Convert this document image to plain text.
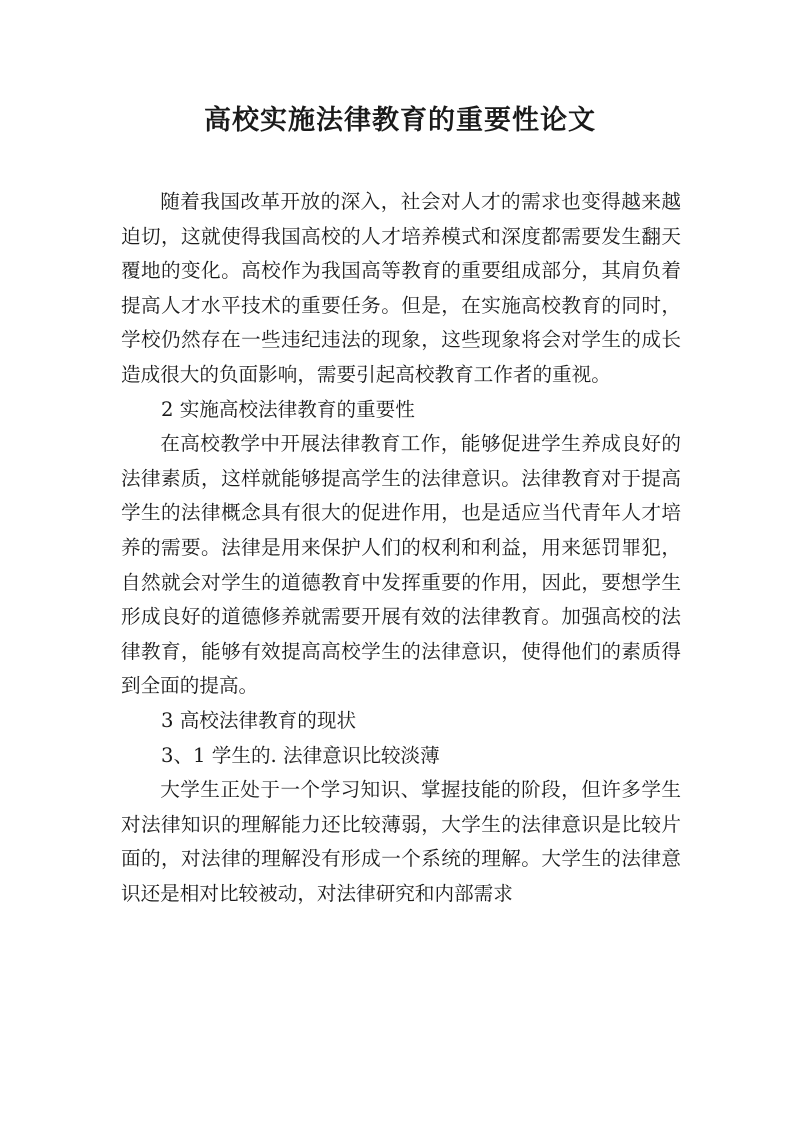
高校实施法律教育的重要性论文

随着我国改革开放的深入，社会对人才的需求也变得越来越迫切，这就使得我国高校的人才培养模式和深度都需要发生翻天覆地的变化。高校作为我国高等教育的重要组成部分，其肩负着提高人才水平技术的重要任务。但是，在实施高校教育的同时，学校仍然存在一些违纪违法的现象，这些现象将会对学生的成长造成很大的负面影响，需要引起高校教育工作者的重视。

2 实施高校法律教育的重要性

在高校教学中开展法律教育工作，能够促进学生养成良好的法律素质，这样就能够提高学生的法律意识。法律教育对于提高学生的法律概念具有很大的促进作用，也是适应当代青年人才培养的需要。法律是用来保护人们的权利和利益，用来惩罚罪犯，自然就会对学生的道德教育中发挥重要的作用，因此，要想学生形成良好的道德修养就需要开展有效的法律教育。加强高校的法律教育，能够有效提高高校学生的法律意识，使得他们的素质得到全面的提高。

3 高校法律教育的现状

3、1 学生的. 法律意识比较淡薄

大学生正处于一个学习知识、掌握技能的阶段，但许多学生对法律知识的理解能力还比较薄弱，大学生的法律意识是比较片面的，对法律的理解没有形成一个系统的理解。大学生的法律意识还是相对比较被动，对法律研究和内部需求
